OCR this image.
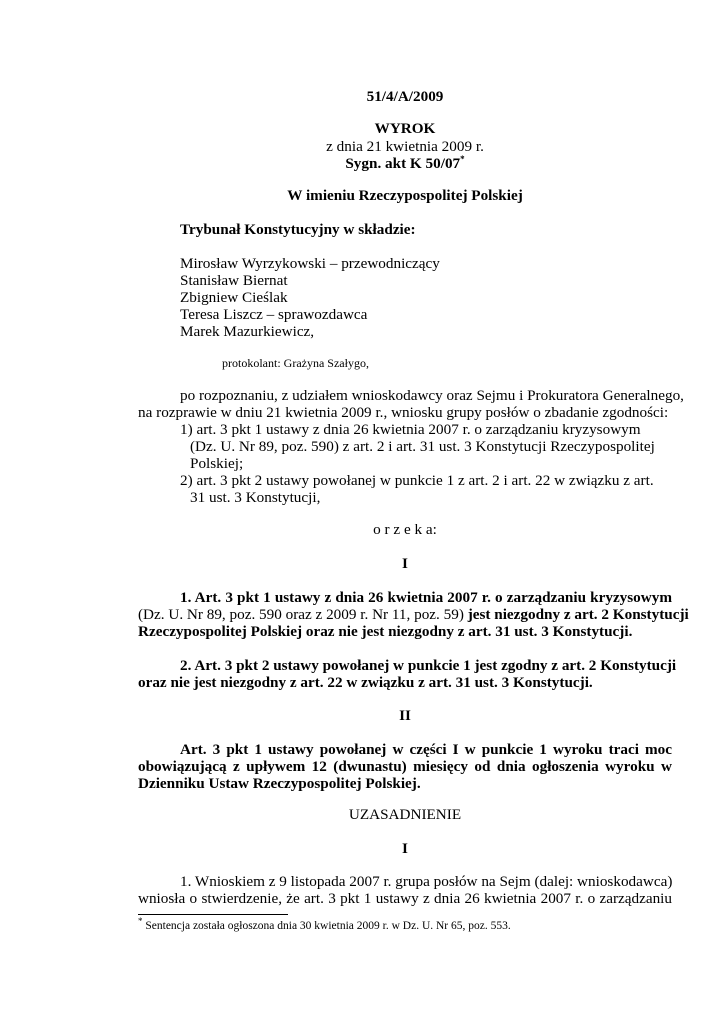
51/4/A/2009
WYROK
z dnia 21 kwietnia 2009 r.
Sygn. akt K 50/07*
W imieniu Rzeczypospolitej Polskiej
Trybunał Konstytucyjny w składzie:
Mirosław Wyrzykowski – przewodniczący
Stanisław Biernat
Zbigniew Cieślak
Teresa Liszcz – sprawozdawca
Marek Mazurkiewicz,
protokolant: Grażyna Szałygo,
po rozpoznaniu, z udziałem wnioskodawcy oraz Sejmu i Prokuratora Generalnego,
na rozprawie w dniu 21 kwietnia 2009 r., wniosku grupy posłów o zbadanie zgodności:
1) art. 3 pkt 1 ustawy z dnia 26 kwietnia 2007 r. o zarządzaniu kryzysowym
(Dz. U. Nr 89, poz. 590) z art. 2 i art. 31 ust. 3 Konstytucji Rzeczypospolitej
Polskiej;
2) art. 3 pkt 2 ustawy powołanej w punkcie 1 z art. 2 i art. 22 w związku z art.
31 ust. 3 Konstytucji,
o r z e k a:
I
1. Art. 3 pkt 1 ustawy z dnia 26 kwietnia 2007 r. o zarządzaniu kryzysowym
(Dz. U. Nr 89, poz. 590 oraz z 2009 r. Nr 11, poz. 59) jest niezgodny z art. 2 Konstytucji
Rzeczypospolitej Polskiej oraz nie jest niezgodny z art. 31 ust. 3 Konstytucji.
2. Art. 3 pkt 2 ustawy powołanej w punkcie 1 jest zgodny z art. 2 Konstytucji
oraz nie jest niezgodny z art. 22 w związku z art. 31 ust. 3 Konstytucji.
II
Art. 3 pkt 1 ustawy powołanej w części I w punkcie 1 wyroku traci moc
obowiązującą z upływem 12 (dwunastu) miesięcy od dnia ogłoszenia wyroku w
Dzienniku Ustaw Rzeczypospolitej Polskiej.
UZASADNIENIE
I
1. Wnioskiem z 9 listopada 2007 r. grupa posłów na Sejm (dalej: wnioskodawca)
wniosła o stwierdzenie, że art. 3 pkt 1 ustawy z dnia 26 kwietnia 2007 r. o zarządzaniu
* Sentencja została ogłoszona dnia 30 kwietnia 2009 r. w Dz. U. Nr 65, poz. 553.
